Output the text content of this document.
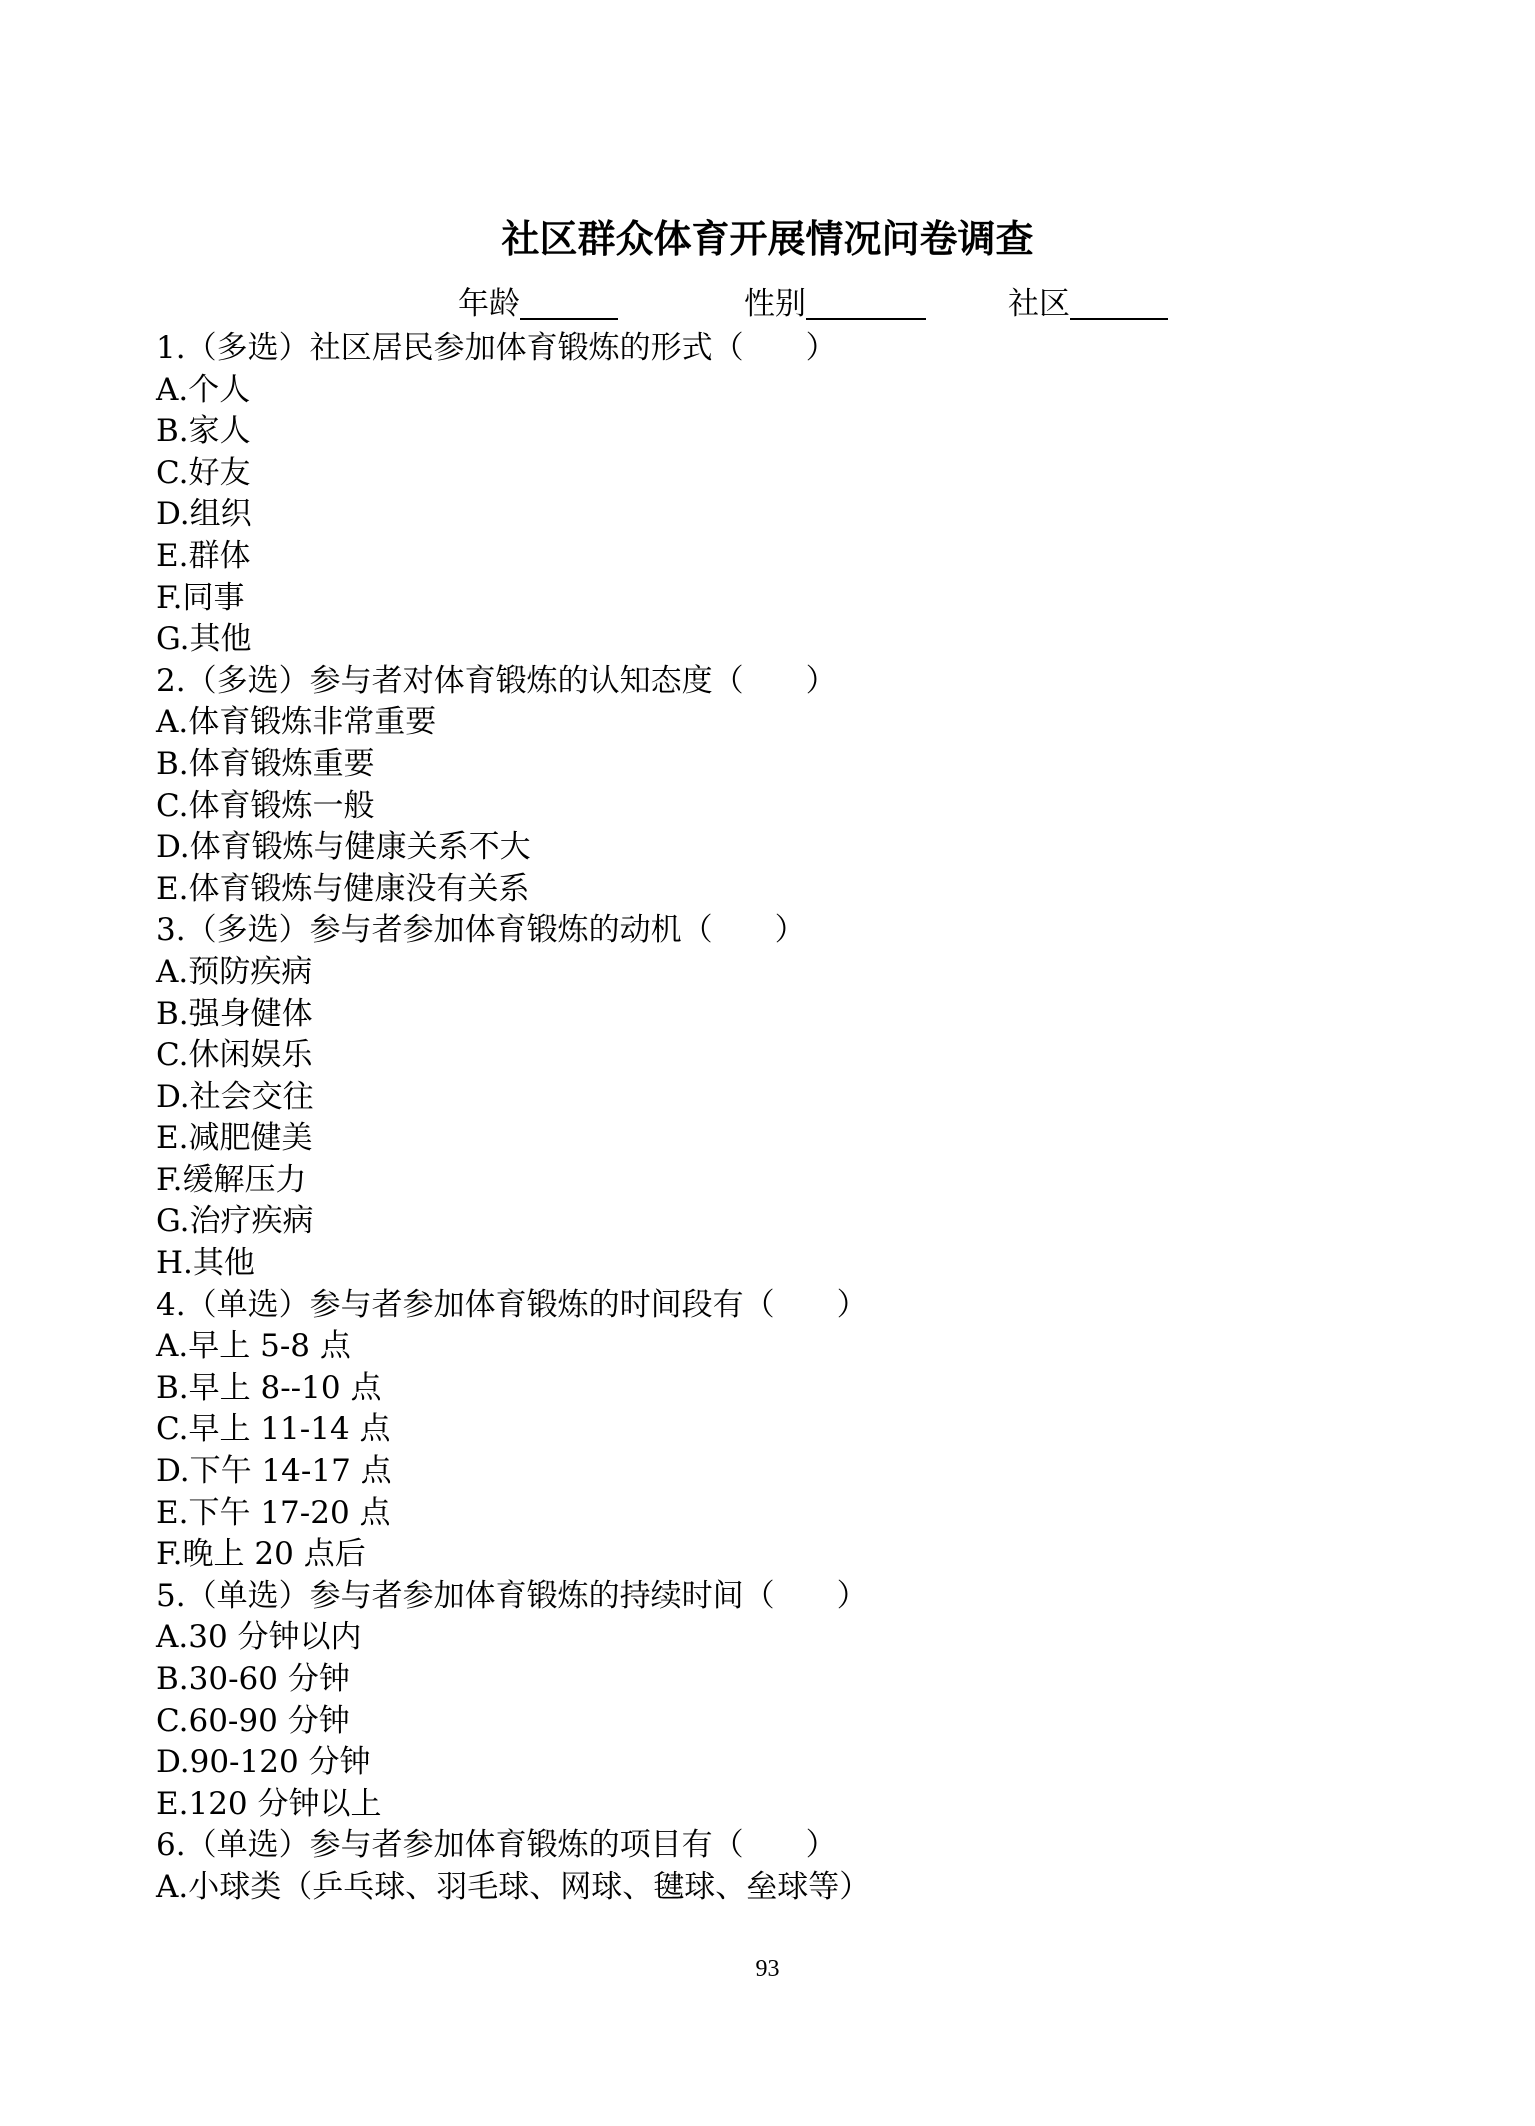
社区群众体育开展情况问卷调查
年龄	性别	社区
1.（多选）社区居民参加体育锻炼的形式（　　）
A.个人
B.家人
C.好友
D.组织
E.群体
F.同事
G.其他
2.（多选）参与者对体育锻炼的认知态度（　　）
A.体育锻炼非常重要
B.体育锻炼重要
C.体育锻炼一般
D.体育锻炼与健康关系不大
E.体育锻炼与健康没有关系
3.（多选）参与者参加体育锻炼的动机（　　）
A.预防疾病
B.强身健体
C.休闲娱乐
D.社会交往
E.减肥健美
F.缓解压力
G.治疗疾病
H.其他
4.（单选）参与者参加体育锻炼的时间段有（　　）
A.早上 5-8 点
B.早上 8--10 点
C.早上 11-14 点
D.下午 14-17 点
E.下午 17-20 点
F.晚上 20 点后
5.（单选）参与者参加体育锻炼的持续时间（　　）
A.30 分钟以内
B.30-60 分钟
C.60-90 分钟
D.90-120 分钟
E.120 分钟以上
6.（单选）参与者参加体育锻炼的项目有（　　）
A.小球类（乒乓球、羽毛球、网球、毽球、垒球等）
93
